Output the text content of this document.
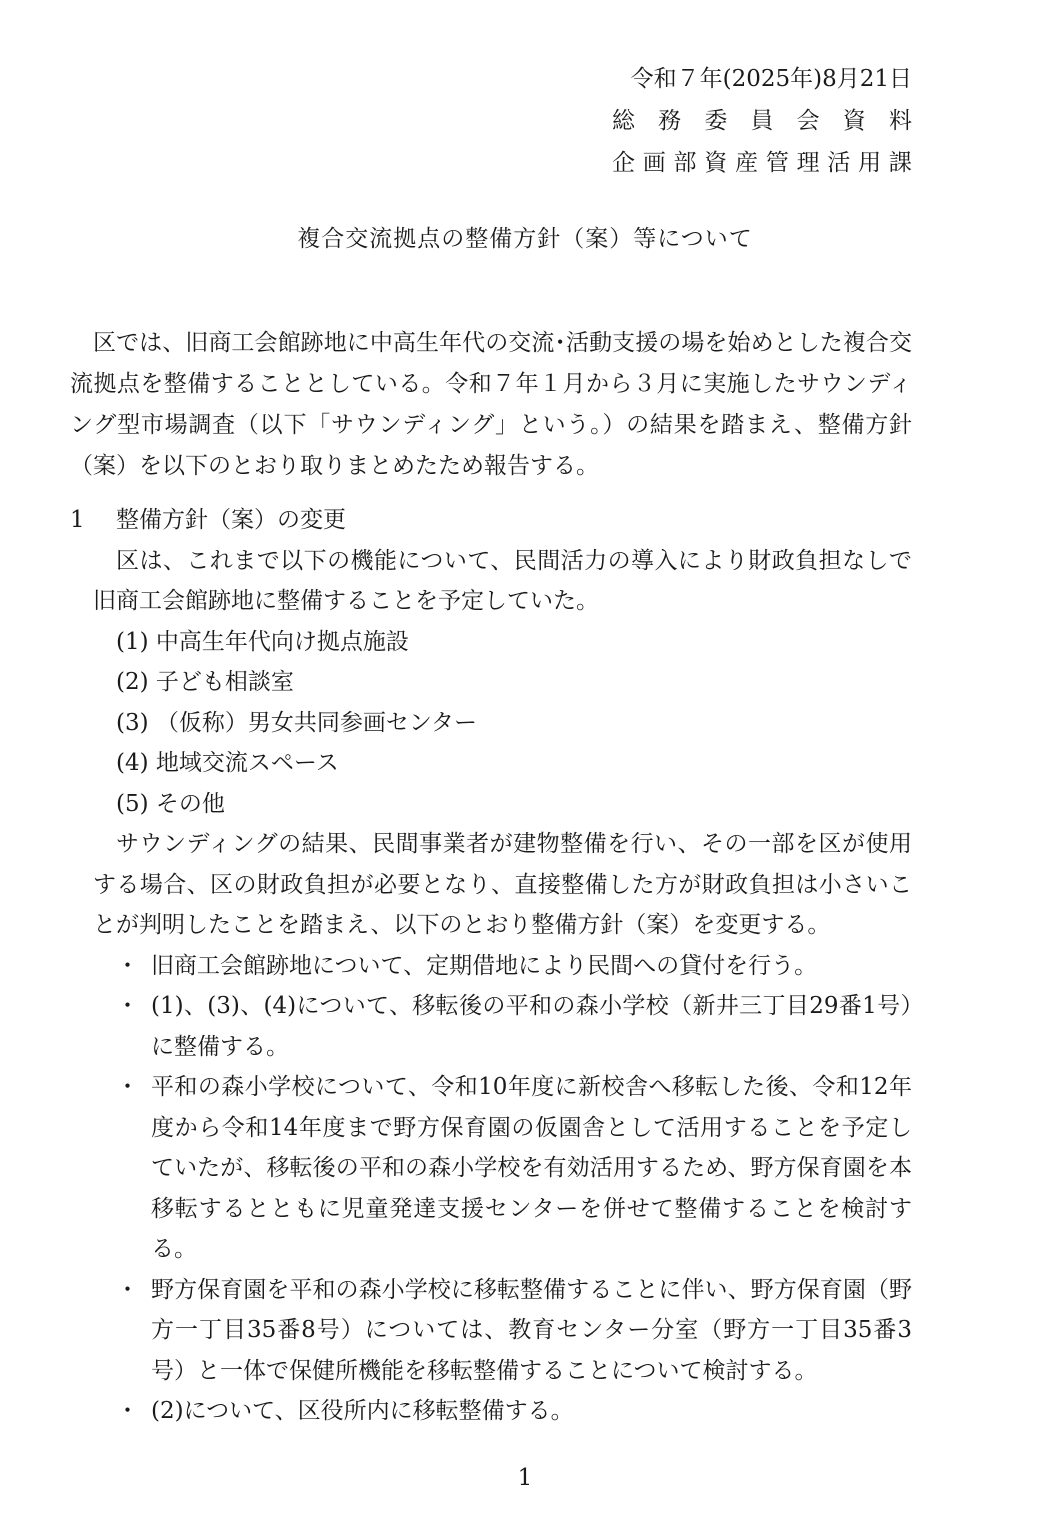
令和７年(2025年)8月21日
総 務 委 員 会 資 料
企 画 部 資 産 管 理 活 用 課
複合交流拠点の整備方針（案）等について

区では、旧商工会館跡地に中高生年代の交流･活動支援の場を始めとした複合交流拠点を整備することとしている。令和７年１月から３月に実施したサウンディング型市場調査（以下「サウンディング」という。）の結果を踏まえ、整備方針（案）を以下のとおり取りまとめたため報告する。

1	整備方針（案）の変更

区は、これまで以下の機能について、民間活力の導入により財政負担なしで旧商工会館跡地に整備することを予定していた。

(1) 中高生年代向け拠点施設
(2) 子ども相談室
(3) （仮称）男女共同参画センター
(4) 地域交流スペース
(5) その他

サウンディングの結果、民間事業者が建物整備を行い、その一部を区が使用する場合、区の財政負担が必要となり、直接整備した方が財政負担は小さいことが判明したことを踏まえ、以下のとおり整備方針（案）を変更する。

・ 旧商工会館跡地について、定期借地により民間への貸付を行う。
・ (1)、(3)、(4)について、移転後の平和の森小学校（新井三丁目29番1号）に整備する。
・ 平和の森小学校について、令和10年度に新校舎へ移転した後、令和12年度から令和14年度まで野方保育園の仮園舎として活用することを予定していたが、移転後の平和の森小学校を有効活用するため、野方保育園を本移転するとともに児童発達支援センターを併せて整備することを検討する。
・ 野方保育園を平和の森小学校に移転整備することに伴い、野方保育園（野方一丁目35番8号）については、教育センター分室（野方一丁目35番3号）と一体で保健所機能を移転整備することについて検討する。
・ (2)について、区役所内に移転整備する。
1
